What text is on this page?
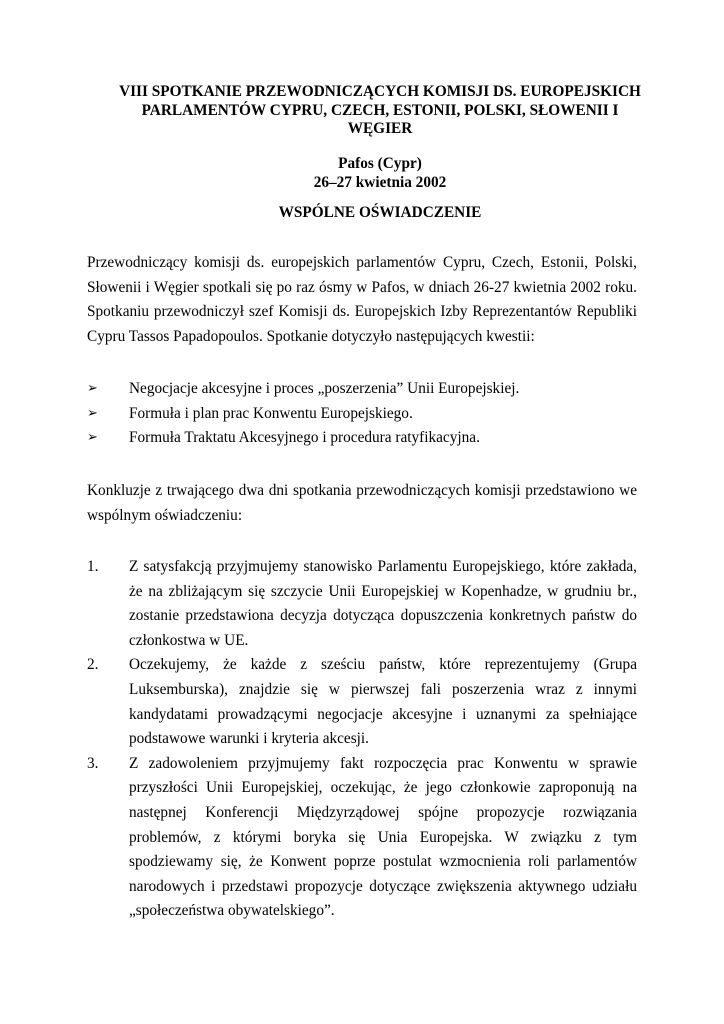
VIII SPOTKANIE PRZEWODNICZĄCYCH KOMISJI DS. EUROPEJSKICH PARLAMENTÓW CYPRU, CZECH, ESTONII, POLSKI, SŁOWENII I WĘGIER
Pafos (Cypr)
26–27 kwietnia 2002
WSPÓLNE OŚWIADCZENIE

Przewodniczący komisji ds. europejskich parlamentów Cypru, Czech, Estonii, Polski, Słowenii i Węgier spotkali się po raz ósmy w Pafos, w dniach 26-27 kwietnia 2002 roku. Spotkaniu przewodniczył szef Komisji ds. Europejskich Izby Reprezentantów Republiki Cypru Tassos Papadopoulos. Spotkanie dotyczyło następujących kwestii:

➢ Negocjacje akcesyjne i proces „poszerzenia” Unii Europejskiej.
➢ Formuła i plan prac Konwentu Europejskiego.
➢ Formuła Traktatu Akcesyjnego i procedura ratyfikacyjna.

Konkluzje z trwającego dwa dni spotkania przewodniczących komisji przedstawiono we wspólnym oświadczeniu:

1. Z satysfakcją przyjmujemy stanowisko Parlamentu Europejskiego, które zakłada, że na zbliżającym się szczycie Unii Europejskiej w Kopenhadze, w grudniu br., zostanie przedstawiona decyzja dotycząca dopuszczenia konkretnych państw do członkostwa w UE.
2. Oczekujemy, że każde z sześciu państw, które reprezentujemy (Grupa Luksemburska), znajdzie się w pierwszej fali poszerzenia wraz z innymi kandydatami prowadzącymi negocjacje akcesyjne i uznanymi za spełniające podstawowe warunki i kryteria akcesji.
3. Z zadowoleniem przyjmujemy fakt rozpoczęcia prac Konwentu w sprawie przyszłości Unii Europejskiej, oczekując, że jego członkowie zaproponują na następnej Konferencji Międzyrządowej spójne propozycje rozwiązania problemów, z którymi boryka się Unia Europejska. W związku z tym spodziewamy się, że Konwent poprze postulat wzmocnienia roli parlamentów narodowych i przedstawi propozycje dotyczące zwiększenia aktywnego udziału „społeczeństwa obywatelskiego”.
